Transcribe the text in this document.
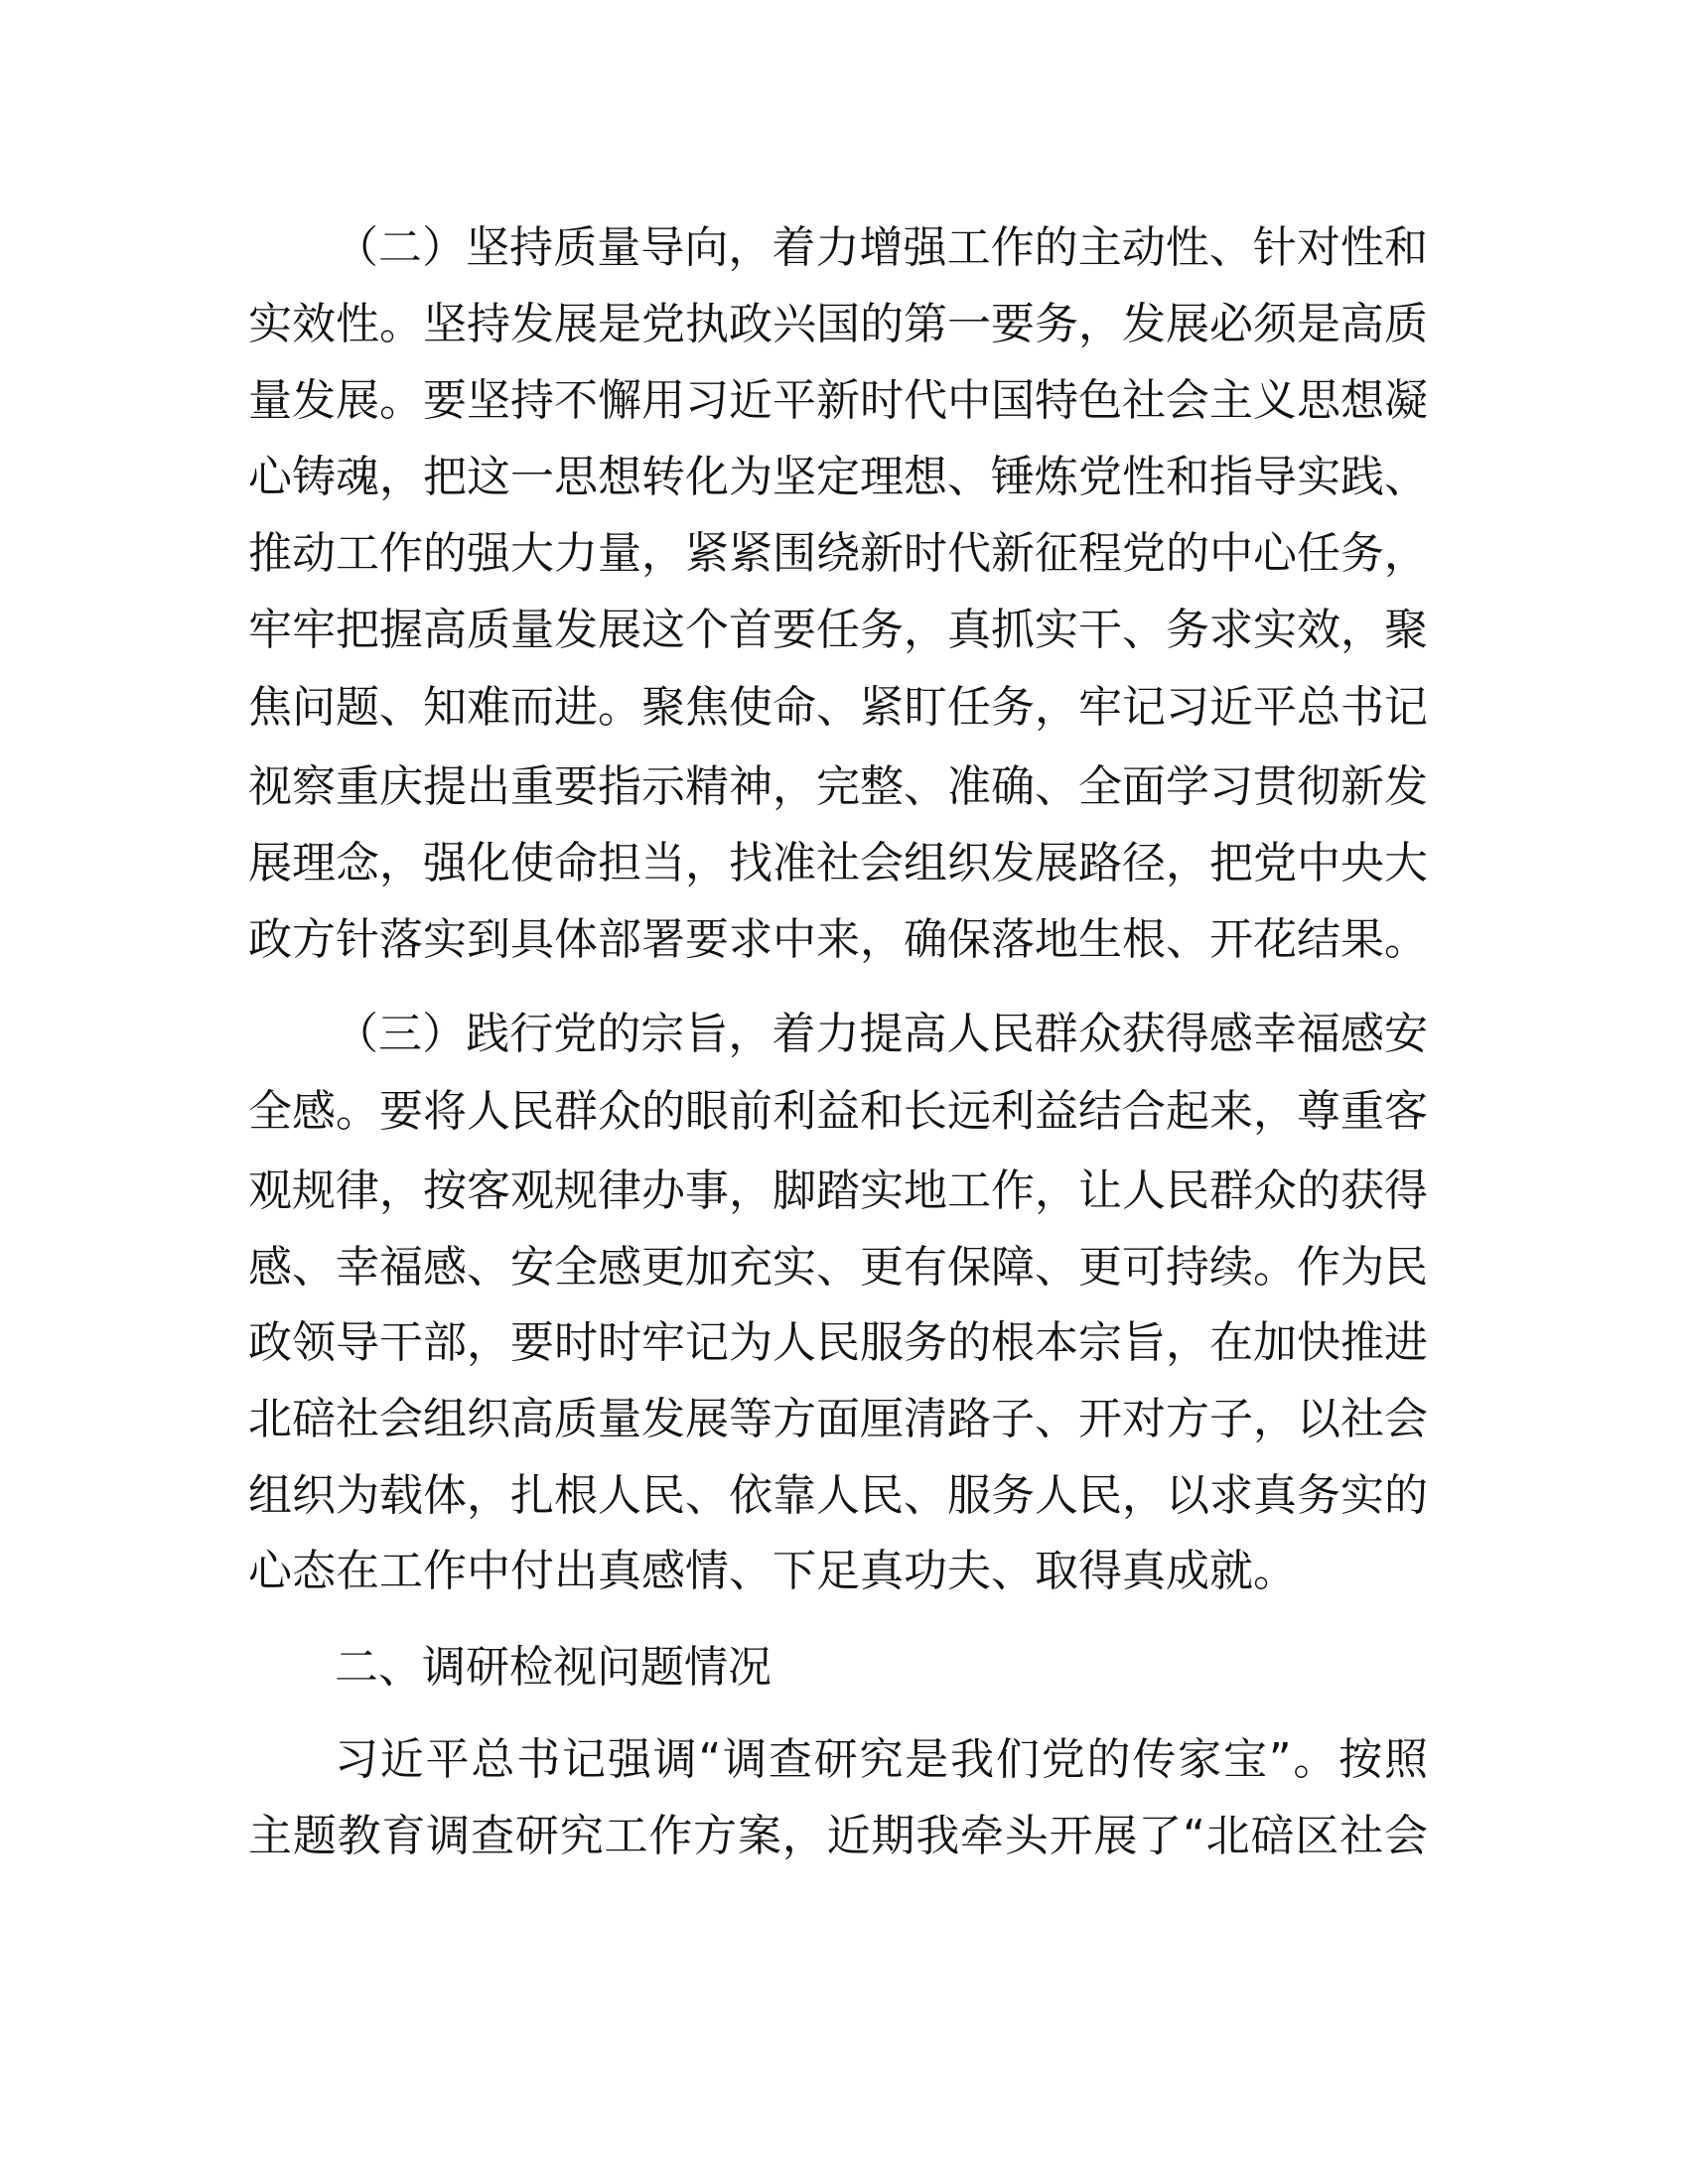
（二）坚持质量导向，着力增强工作的主动性、针对性和
实效性。坚持发展是党执政兴国的第一要务，发展必须是高质
量发展。要坚持不懈用习近平新时代中国特色社会主义思想凝
心铸魂，把这一思想转化为坚定理想、锤炼党性和指导实践、
推动工作的强大力量，紧紧围绕新时代新征程党的中心任务，
牢牢把握高质量发展这个首要任务，真抓实干、务求实效，聚
焦问题、知难而进。聚焦使命、紧盯任务，牢记习近平总书记
视察重庆提出重要指示精神，完整、准确、全面学习贯彻新发
展理念，强化使命担当，找准社会组织发展路径，把党中央大
政方针落实到具体部署要求中来，确保落地生根、开花结果。
（三）践行党的宗旨，着力提高人民群众获得感幸福感安
全感。要将人民群众的眼前利益和长远利益结合起来，尊重客
观规律，按客观规律办事，脚踏实地工作，让人民群众的获得
感、幸福感、安全感更加充实、更有保障、更可持续。作为民
政领导干部，要时时牢记为人民服务的根本宗旨，在加快推进
北碚社会组织高质量发展等方面厘清路子、开对方子，以社会
组织为载体，扎根人民、依靠人民、服务人民，以求真务实的
心态在工作中付出真感情、下足真功夫、取得真成就。
二、调研检视问题情况
习近平总书记强调“调查研究是我们党的传家宝”。按照
主题教育调查研究工作方案，近期我牵头开展了“北碚区社会
